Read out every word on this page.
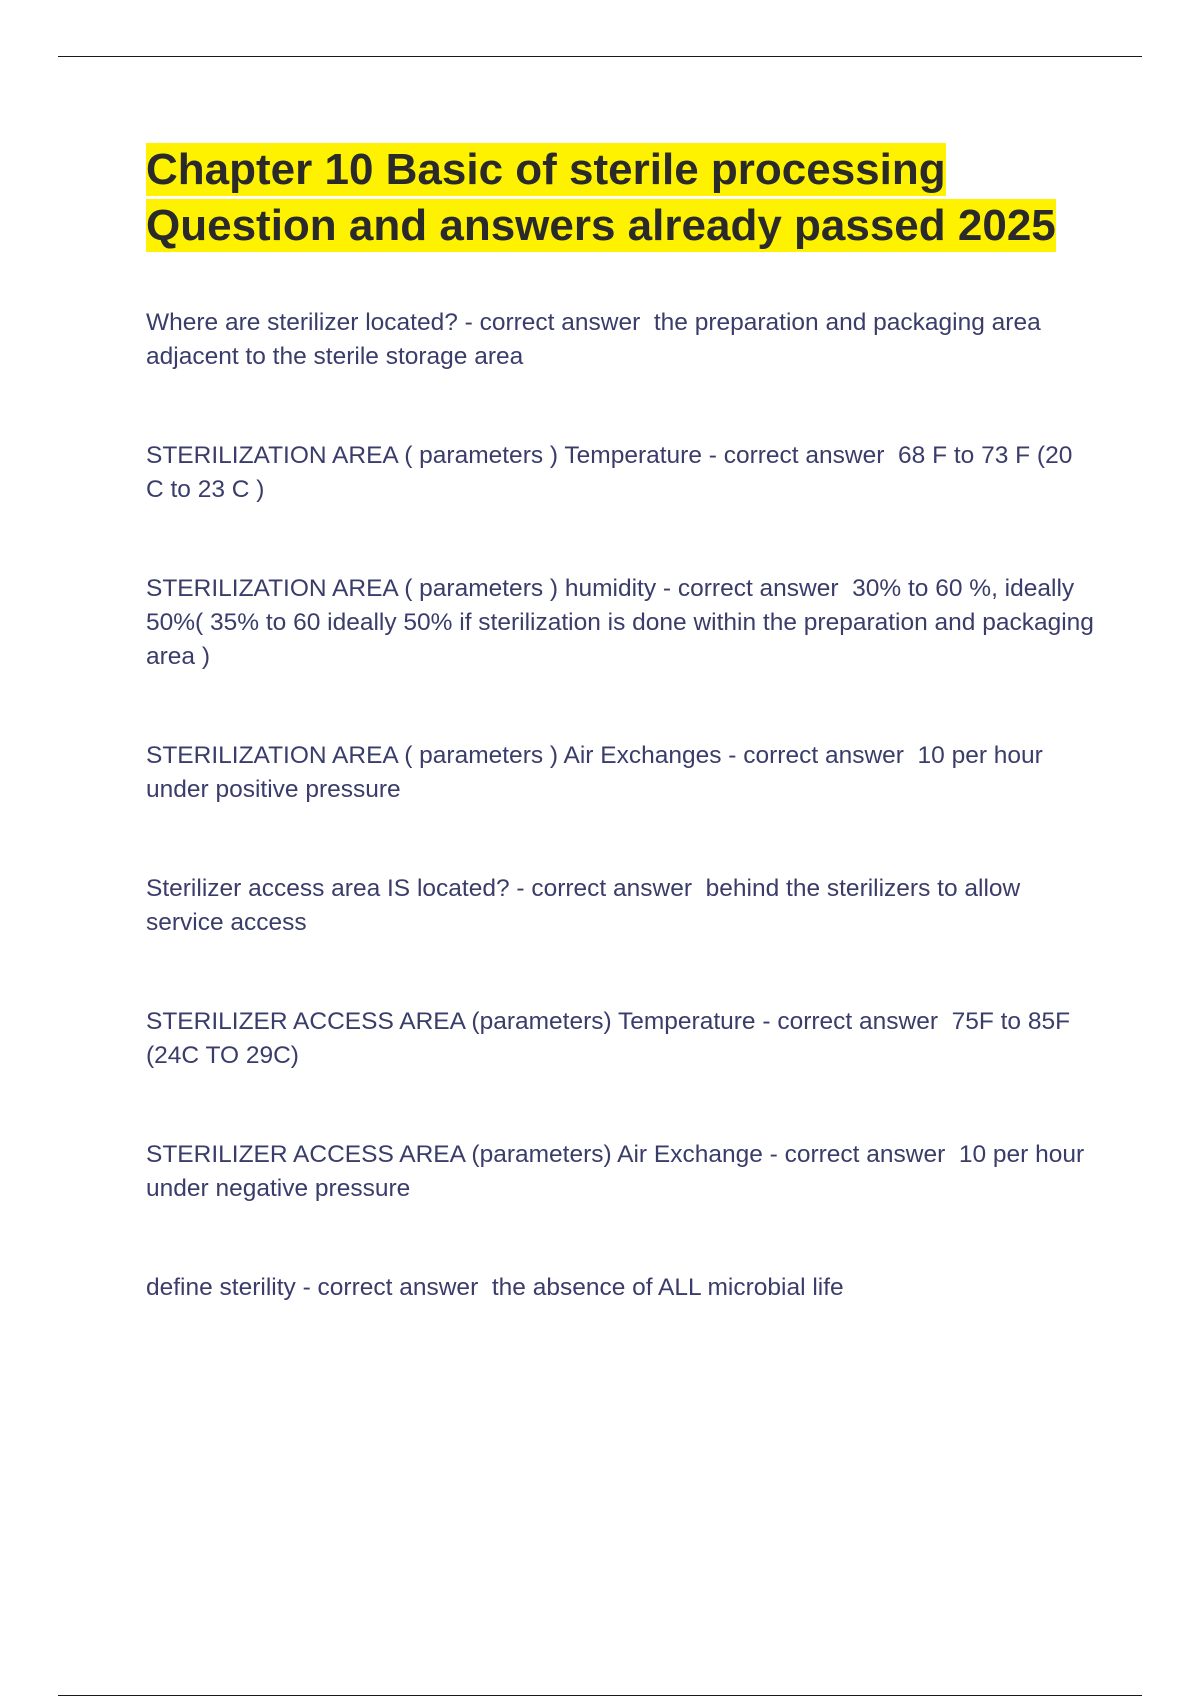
Chapter 10 Basic of sterile processing Question and answers already passed 2025

Where are sterilizer located? - correct answer  the preparation and packaging area adjacent to the sterile storage area

STERILIZATION AREA ( parameters ) Temperature - correct answer  68 F to 73 F (20 C to 23 C )

STERILIZATION AREA ( parameters ) humidity - correct answer  30% to 60 %, ideally 50%( 35% to 60 ideally 50% if sterilization is done within the preparation and packaging area )

STERILIZATION AREA ( parameters ) Air Exchanges - correct answer  10 per hour under positive pressure

Sterilizer access area IS located? - correct answer  behind the sterilizers to allow service access

STERILIZER ACCESS AREA (parameters) Temperature - correct answer  75F to 85F (24C TO 29C)

STERILIZER ACCESS AREA (parameters) Air Exchange - correct answer  10 per hour under negative pressure

define sterility - correct answer  the absence of ALL microbial life
